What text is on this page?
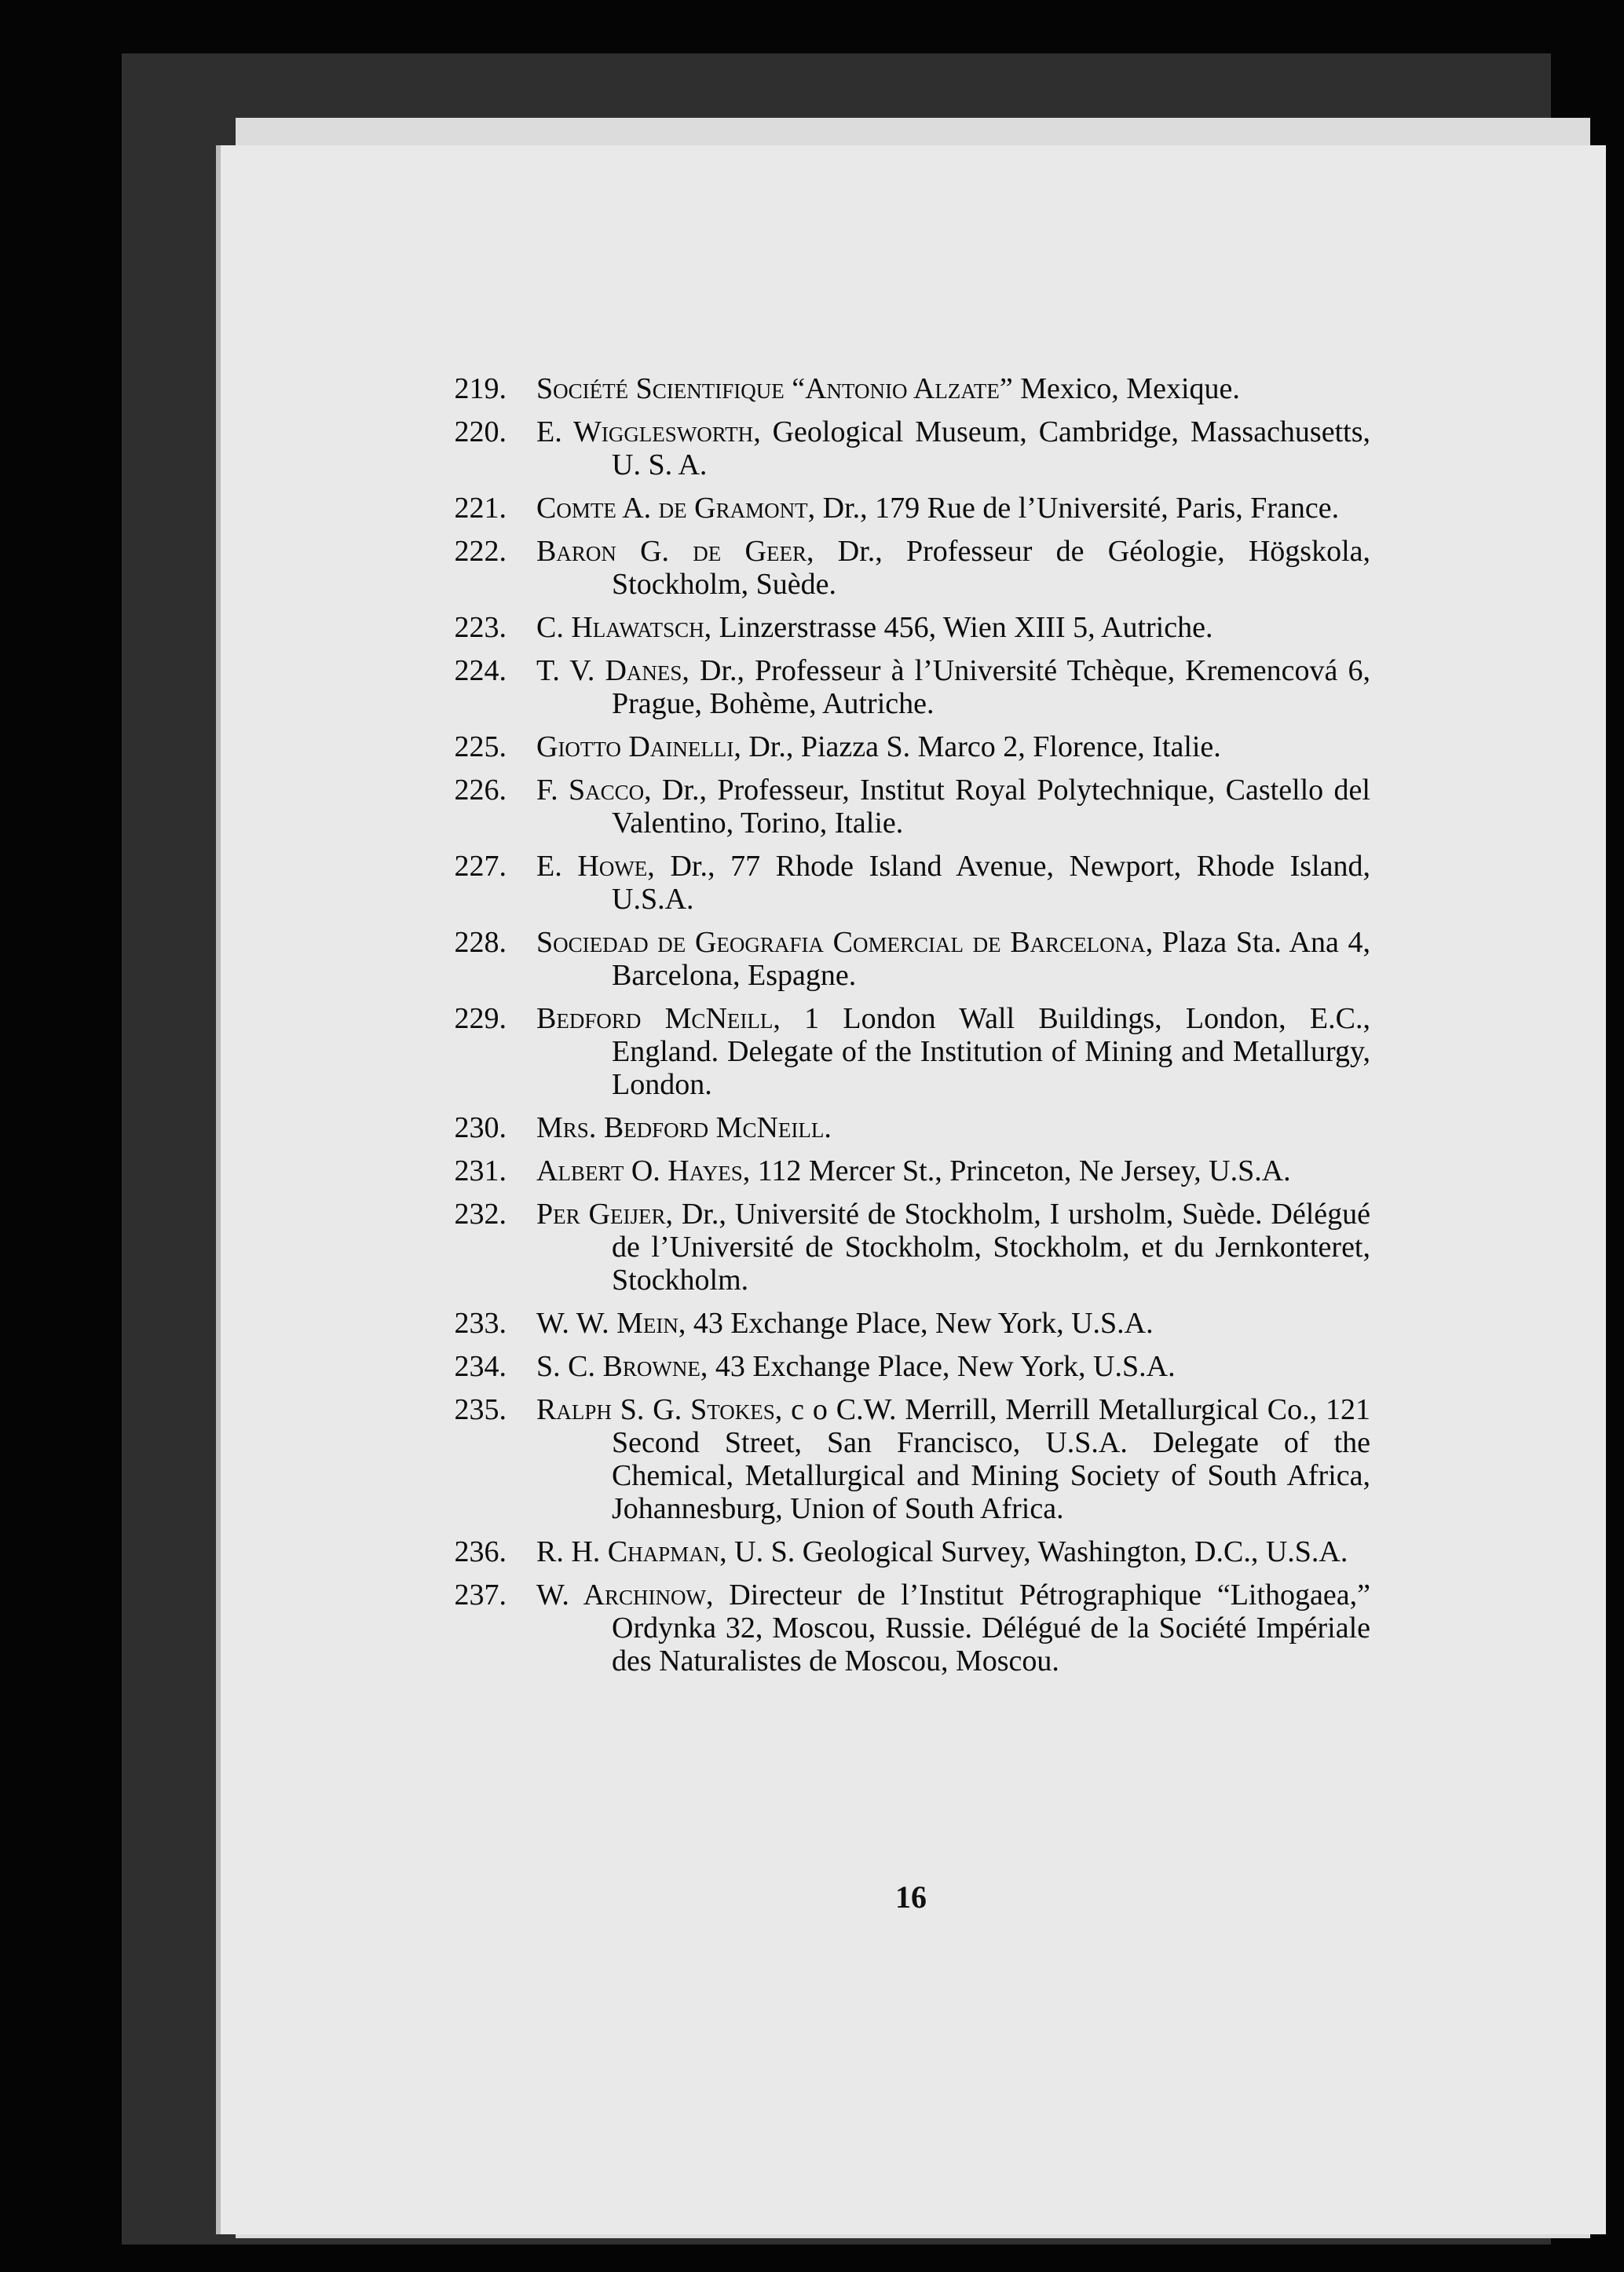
219. Société Scientifique “Antonio Alzate” Mexico, Mexique.
220. E. Wigglesworth, Geological Museum, Cambridge, Massachusetts, U. S. A.
221. Comte A. de Gramont, Dr., 179 Rue de l’Université, Paris, France.
222. Baron G. de Geer, Dr., Professeur de Géologie, Högskola, Stockholm, Suède.
223. C. Hlawatsch, Linzerstrasse 456, Wien XIII 5, Autriche.
224. T. V. Danes, Dr., Professeur à l’Université Tchèque, Kremencová 6, Prague, Bohème, Autriche.
225. Giotto Dainelli, Dr., Piazza S. Marco 2, Florence, Italie.
226. F. Sacco, Dr., Professeur, Institut Royal Polytechnique, Castello del Valentino, Torino, Italie.
227. E. Howe, Dr., 77 Rhode Island Avenue, Newport, Rhode Island, U.S.A.
228. Sociedad de Geografia Comercial de Barcelona, Plaza Sta. Ana 4, Barcelona, Espagne.
229. Bedford McNeill, 1 London Wall Buildings, London, E.C., England. Delegate of the Institution of Mining and Metallurgy, London.
230. Mrs. Bedford McNeill.
231. Albert O. Hayes, 112 Mercer St., Princeton, Ne Jersey, U.S.A.
232. Per Geijer, Dr., Université de Stockholm, I ursholm, Suède. Délégué de l’Université de Stockholm, Stockholm, et du Jernkonteret, Stockholm.
233. W. W. Mein, 43 Exchange Place, New York, U.S.A.
234. S. C. Browne, 43 Exchange Place, New York, U.S.A.
235. Ralph S. G. Stokes, c o C.W. Merrill, Merrill Metallurgical Co., 121 Second Street, San Francisco, U.S.A. Delegate of the Chemical, Metallurgical and Mining Society of South Africa, Johannesburg, Union of South Africa.
236. R. H. Chapman, U. S. Geological Survey, Washington, D.C., U.S.A.
237. W. Archinow, Directeur de l’Institut Pétrographique “Lithogaea,” Ordynka 32, Moscou, Russie. Délégué de la Société Impériale des Naturalistes de Moscou, Moscou.
16
